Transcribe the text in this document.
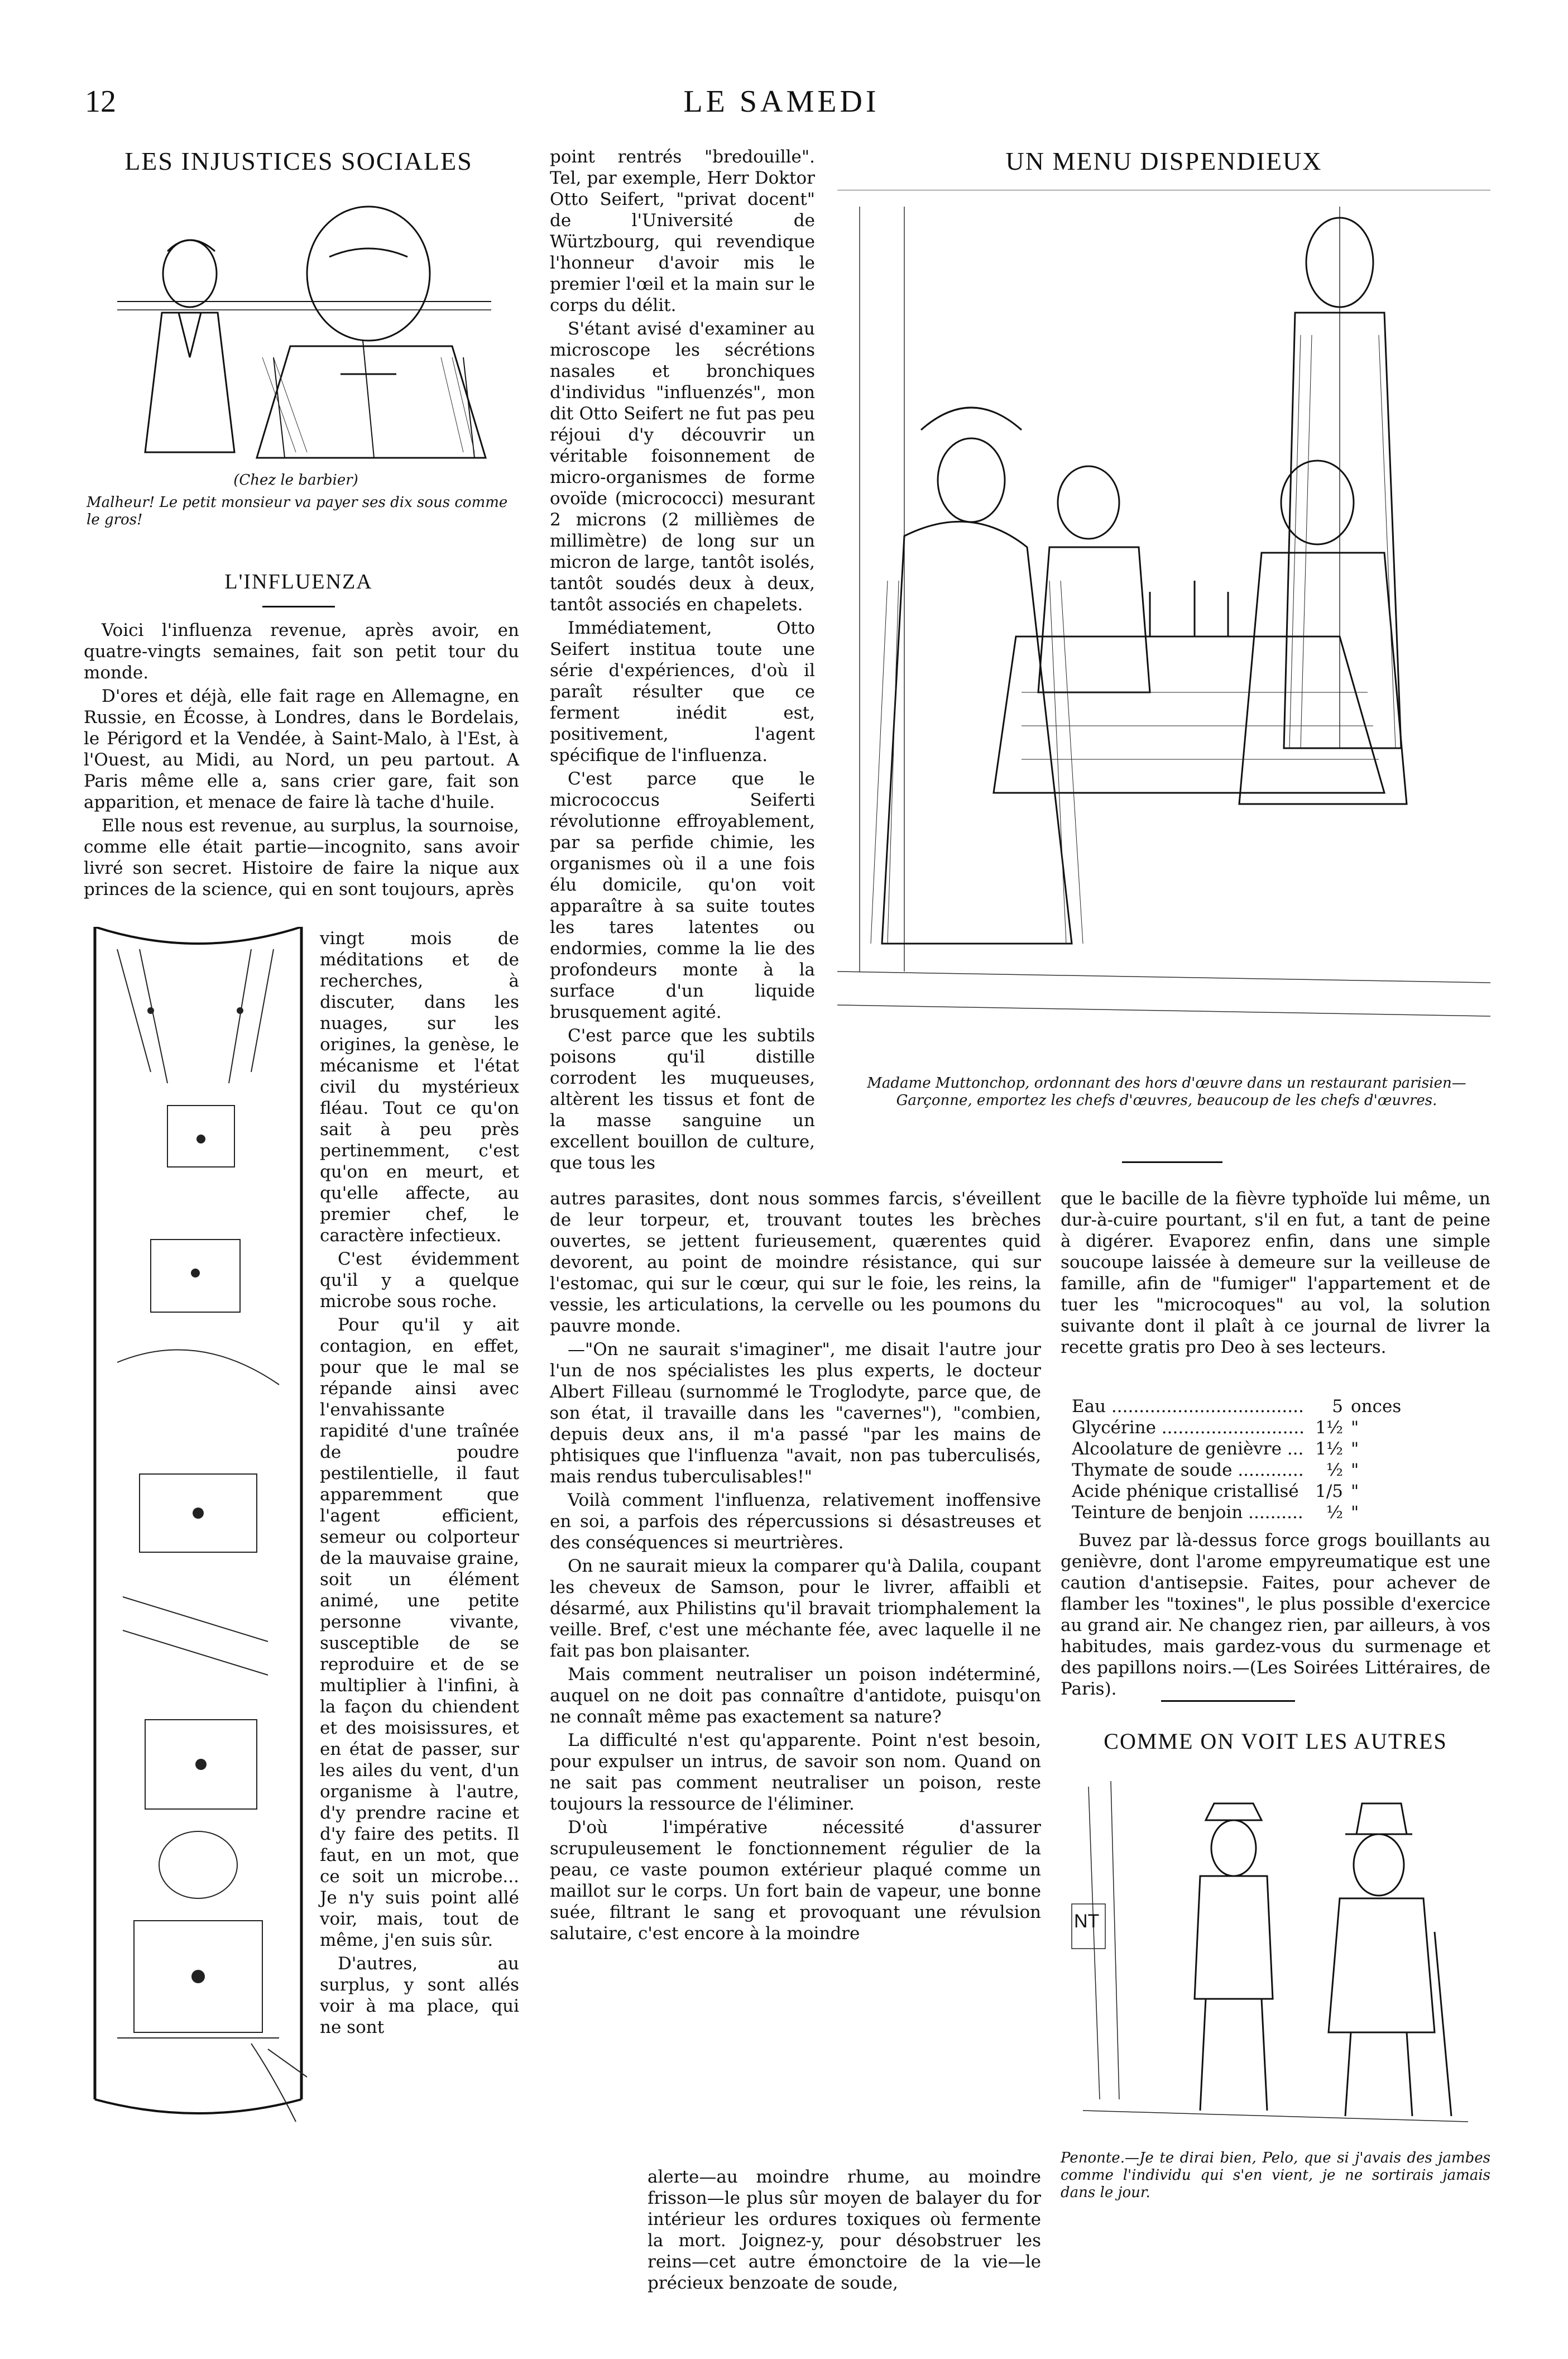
12	LE SAMEDI
LES INJUSTICES SOCIALES
(Chez le barbier)
Malheur! Le petit monsieur va payer ses dix sous comme le gros!
L'INFLUENZA

Voici l'influenza revenue, après avoir, en quatre-vingts semaines, fait son petit tour du monde.

D'ores et déjà, elle fait rage en Allemagne, en Russie, en Écosse, à Londres, dans le Bordelais, le Périgord et la Vendée, à Saint-Malo, à l'Est, à l'Ouest, au Midi, au Nord, un peu partout. A Paris même elle a, sans crier gare, fait son apparition, et menace de faire là tache d'huile.

Elle nous est revenue, au surplus, la sournoise, comme elle était partie—incognito, sans avoir livré son secret. Histoire de faire la nique aux princes de la science, qui en sont toujours, après

vingt mois de méditations et de recherches, à discuter, dans les nuages, sur les origines, la genèse, le mécanisme et l'état civil du mystérieux fléau. Tout ce qu'on sait à peu près pertinemment, c'est qu'on en meurt, et qu'elle affecte, au premier chef, le caractère infectieux.

C'est évidemment qu'il y a quelque microbe sous roche.

Pour qu'il y ait contagion, en effet, pour que le mal se répande ainsi avec l'envahissante rapidité d'une traînée de poudre pestilentielle, il faut apparemment que l'agent efficient, semeur ou colporteur de la mauvaise graine, soit un élément animé, une petite personne vivante, susceptible de se reproduire et de se multiplier à l'infini, à la façon du chiendent et des moisissures, et en état de passer, sur les ailes du vent, d'un organisme à l'autre, d'y prendre racine et d'y faire des petits. Il faut, en un mot, que ce soit un microbe... Je n'y suis point allé voir, mais, tout de même, j'en suis sûr.

D'autres, au surplus, y sont allés voir à ma place, qui ne sont

point rentrés "bredouille". Tel, par exemple, Herr Doktor Otto Seifert, "privat docent" de l'Université de Würtzbourg, qui revendique l'honneur d'avoir mis le premier l'œil et la main sur le corps du délit.

S'étant avisé d'examiner au microscope les sécrétions nasales et bronchiques d'individus "influenzés", mon dit Otto Seifert ne fut pas peu réjoui d'y découvrir un véritable foisonnement de micro-organismes de forme ovoïde (micrococci) mesurant 2 microns (2 millièmes de millimètre) de long sur un micron de large, tantôt isolés, tantôt soudés deux à deux, tantôt associés en chapelets.

Immédiatement, Otto Seifert institua toute une série d'expériences, d'où il paraît résulter que ce ferment inédit est, positivement, l'agent spécifique de l'influenza.

C'est parce que le micrococcus Seiferti révolutionne effroyablement, par sa perfide chimie, les organismes où il a une fois élu domicile, qu'on voit apparaître à sa suite toutes les tares latentes ou endormies, comme la lie des profondeurs monte à la surface d'un liquide brusquement agité.

C'est parce que les subtils poisons qu'il distille corrodent les muqueuses, altèrent les tissus et font de la masse sanguine un excellent bouillon de culture, que tous les

autres parasites, dont nous sommes farcis, s'éveillent de leur torpeur, et, trouvant toutes les brèches ouvertes, se jettent furieusement, quærentes quid devorent, au point de moindre résistance, qui sur l'estomac, qui sur le cœur, qui sur le foie, les reins, la vessie, les articulations, la cervelle ou les poumons du pauvre monde.

—"On ne saurait s'imaginer", me disait l'autre jour l'un de nos spécialistes les plus experts, le docteur Albert Filleau (surnommé le Troglodyte, parce que, de son état, il travaille dans les "cavernes"), "combien, depuis deux ans, il m'a passé "par les mains de phtisiques que l'influenza "avait, non pas tuberculisés, mais rendus tuberculisables!"

Voilà comment l'influenza, relativement inoffensive en soi, a parfois des répercussions si désastreuses et des conséquences si meurtrières.

On ne saurait mieux la comparer qu'à Dalila, coupant les cheveux de Samson, pour le livrer, affaibli et désarmé, aux Philistins qu'il bravait triomphalement la veille. Bref, c'est une méchante fée, avec laquelle il ne fait pas bon plaisanter.

Mais comment neutraliser un poison indéterminé, auquel on ne doit pas connaître d'antidote, puisqu'on ne connaît même pas exactement sa nature?

La difficulté n'est qu'apparente. Point n'est besoin, pour expulser un intrus, de savoir son nom. Quand on ne sait pas comment neutraliser un poison, reste toujours la ressource de l'éliminer.

D'où l'impérative nécessité d'assurer scrupuleusement le fonctionnement régulier de la peau, ce vaste poumon extérieur plaqué comme un maillot sur le corps. Un fort bain de vapeur, une bonne suée, filtrant le sang et provoquant une révulsion salutaire, c'est encore à la moindre

alerte—au moindre rhume, au moindre frisson—le plus sûr moyen de balayer du for intérieur les ordures toxiques où fermente la mort. Joignez-y, pour désobstruer les reins—cet autre émonctoire de la vie—le précieux benzoate de soude,

UN MENU DISPENDIEUX
Madame Muttonchop, ordonnant des hors d'œuvre dans un restaurant parisien—Garçonne, emportez les chefs d'œuvres, beaucoup de les chefs d'œuvres.

que le bacille de la fièvre typhoïde lui même, un dur-à-cuire pourtant, s'il en fut, a tant de peine à digérer. Evaporez enfin, dans une simple soucoupe laissée à demeure sur la veilleuse de famille, afin de "fumiger" l'appartement et de tuer les "microcoques" au vol, la solution suivante dont il plaît à ce journal de livrer la recette gratis pro Deo à ses lecteurs.

Eau .....	5 onces
Glycérine .....	1½ "
Alcoolature de genièvre .....	1½ "
Thymate de soude .....	½ "
Acide phénique cristallisé ..... 1/5 "
Teinture de benjoin .....	½ "

Buvez par là-dessus force grogs bouillants au genièvre, dont l'arome empyreumatique est une caution d'antisepsie. Faites, pour achever de flamber les "toxines", le plus possible d'exercice au grand air. Ne changez rien, par ailleurs, à vos habitudes, mais gardez-vous du surmenage et des papillons noirs.—(Les Soirées Littéraires, de Paris).

COMME ON VOIT LES AUTRES
NT
Penonte.—Je te dirai bien, Pelo, que si j'avais des jambes comme l'individu qui s'en vient, je ne sortirais jamais dans le jour.
